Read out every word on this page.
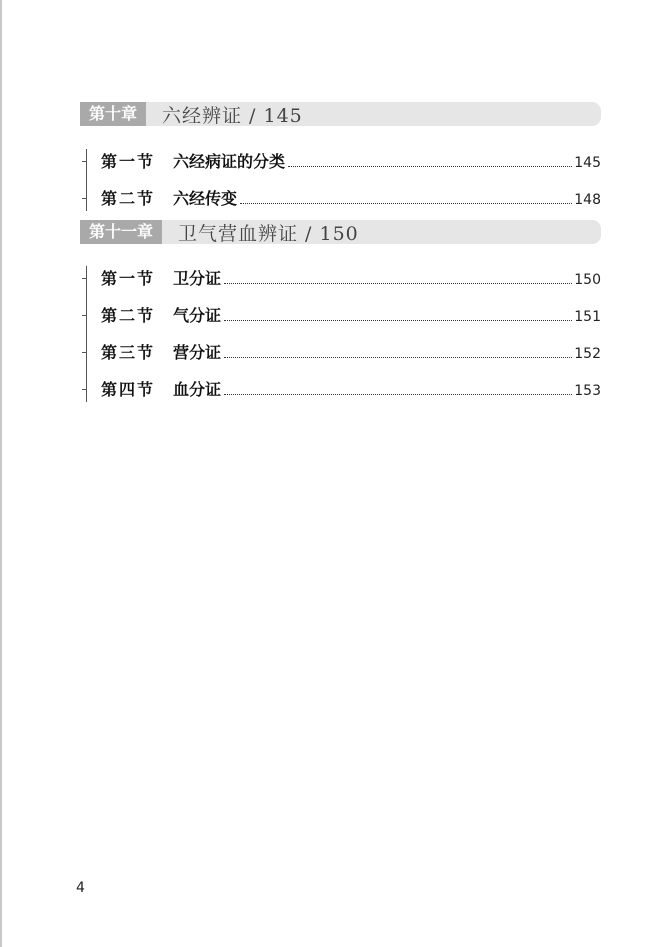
第十章	六经辨证 / 145
第一节	六经病证的分类	145
第二节	六经传变	148
第十一章	卫气营血辨证 / 150
第一节	卫分证	150
第二节	气分证	151
第三节	营分证	152
第四节	血分证	153
4
